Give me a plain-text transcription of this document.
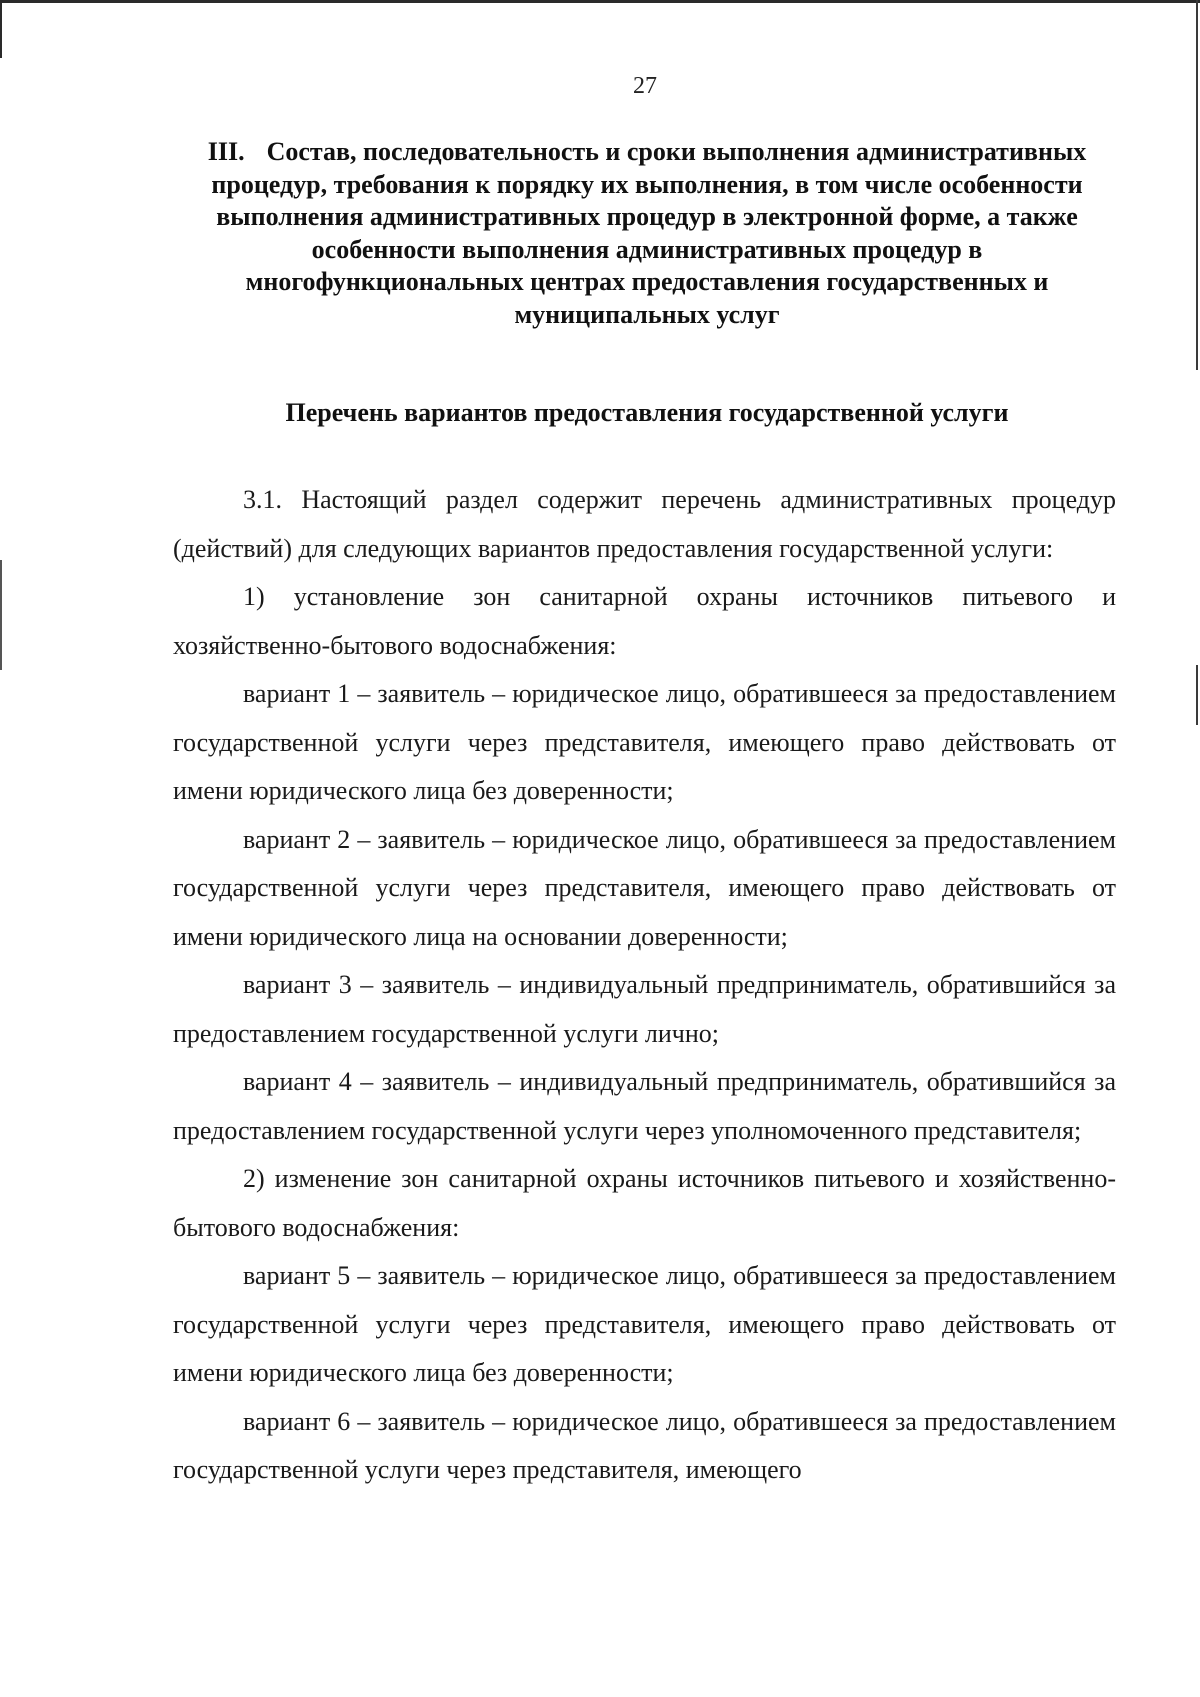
27
III. Состав, последовательность и сроки выполнения административных процедур, требования к порядку их выполнения, в том числе особенности выполнения административных процедур в электронной форме, а также особенности выполнения административных процедур в многофункциональных центрах предоставления государственных и муниципальных услуг
Перечень вариантов предоставления государственной услуги

3.1. Настоящий раздел содержит перечень административных процедур (действий) для следующих вариантов предоставления государственной услуги:

1) установление зон санитарной охраны источников питьевого и хозяйственно-бытового водоснабжения:

вариант 1 – заявитель – юридическое лицо, обратившееся за предоставлением государственной услуги через представителя, имеющего право действовать от имени юридического лица без доверенности;

вариант 2 – заявитель – юридическое лицо, обратившееся за предоставлением государственной услуги через представителя, имеющего право действовать от имени юридического лица на основании доверенности;

вариант 3 – заявитель – индивидуальный предприниматель, обратившийся за предоставлением государственной услуги лично;

вариант 4 – заявитель – индивидуальный предприниматель, обратившийся за предоставлением государственной услуги через уполномоченного представителя;

2) изменение зон санитарной охраны источников питьевого и хозяйственно-бытового водоснабжения:

вариант 5 – заявитель – юридическое лицо, обратившееся за предоставлением государственной услуги через представителя, имеющего право действовать от имени юридического лица без доверенности;

вариант 6 – заявитель – юридическое лицо, обратившееся за предоставлением государственной услуги через представителя, имеющего
